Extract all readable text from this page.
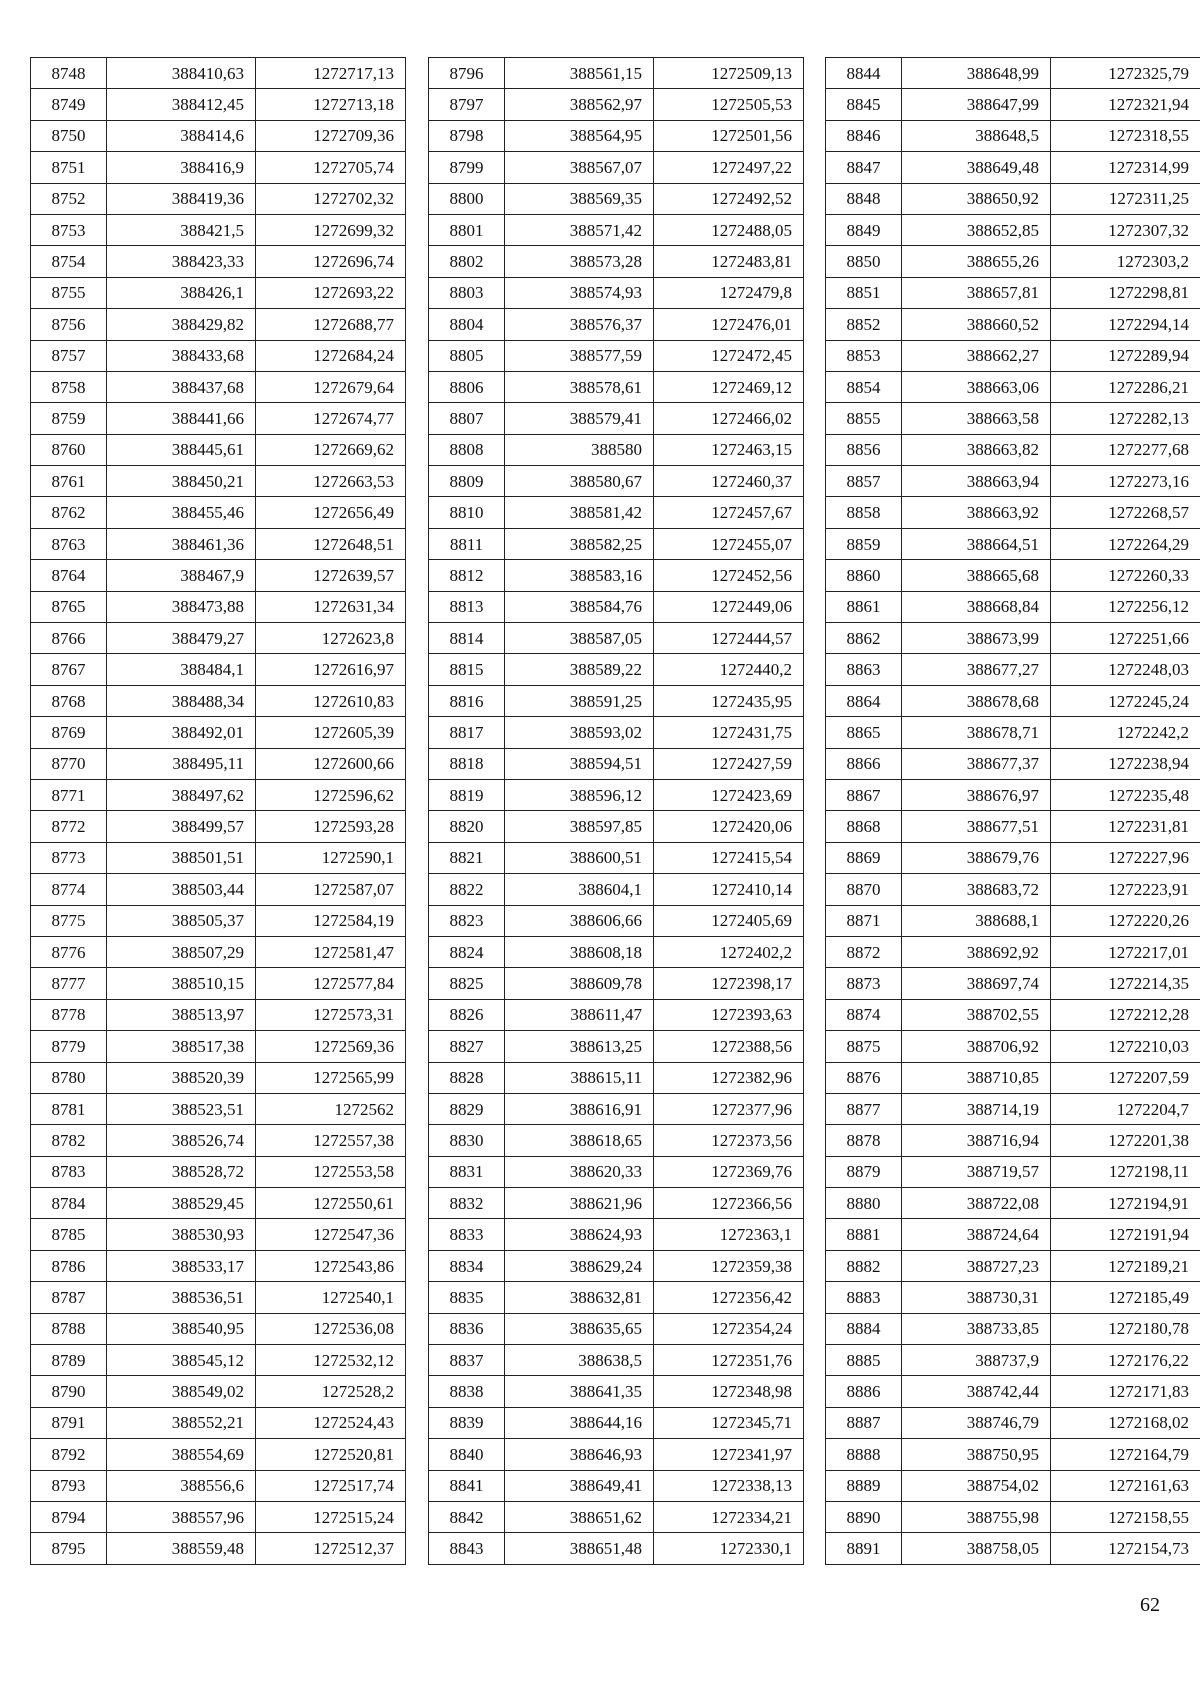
8748	388410,63	1272717,13
8749	388412,45	1272713,18
8750	388414,6	1272709,36
8751	388416,9	1272705,74
8752	388419,36	1272702,32
8753	388421,5	1272699,32
8754	388423,33	1272696,74
8755	388426,1	1272693,22
8756	388429,82	1272688,77
8757	388433,68	1272684,24
8758	388437,68	1272679,64
8759	388441,66	1272674,77
8760	388445,61	1272669,62
8761	388450,21	1272663,53
8762	388455,46	1272656,49
8763	388461,36	1272648,51
8764	388467,9	1272639,57
8765	388473,88	1272631,34
8766	388479,27	1272623,8
8767	388484,1	1272616,97
8768	388488,34	1272610,83
8769	388492,01	1272605,39
8770	388495,11	1272600,66
8771	388497,62	1272596,62
8772	388499,57	1272593,28
8773	388501,51	1272590,1
8774	388503,44	1272587,07
8775	388505,37	1272584,19
8776	388507,29	1272581,47
8777	388510,15	1272577,84
8778	388513,97	1272573,31
8779	388517,38	1272569,36
8780	388520,39	1272565,99
8781	388523,51	1272562
8782	388526,74	1272557,38
8783	388528,72	1272553,58
8784	388529,45	1272550,61
8785	388530,93	1272547,36
8786	388533,17	1272543,86
8787	388536,51	1272540,1
8788	388540,95	1272536,08
8789	388545,12	1272532,12
8790	388549,02	1272528,2
8791	388552,21	1272524,43
8792	388554,69	1272520,81
8793	388556,6	1272517,74
8794	388557,96	1272515,24
8795	388559,48	1272512,37
8796	388561,15	1272509,13
8797	388562,97	1272505,53
8798	388564,95	1272501,56
8799	388567,07	1272497,22
8800	388569,35	1272492,52
8801	388571,42	1272488,05
8802	388573,28	1272483,81
8803	388574,93	1272479,8
8804	388576,37	1272476,01
8805	388577,59	1272472,45
8806	388578,61	1272469,12
8807	388579,41	1272466,02
8808	388580	1272463,15
8809	388580,67	1272460,37
8810	388581,42	1272457,67
8811	388582,25	1272455,07
8812	388583,16	1272452,56
8813	388584,76	1272449,06
8814	388587,05	1272444,57
8815	388589,22	1272440,2
8816	388591,25	1272435,95
8817	388593,02	1272431,75
8818	388594,51	1272427,59
8819	388596,12	1272423,69
8820	388597,85	1272420,06
8821	388600,51	1272415,54
8822	388604,1	1272410,14
8823	388606,66	1272405,69
8824	388608,18	1272402,2
8825	388609,78	1272398,17
8826	388611,47	1272393,63
8827	388613,25	1272388,56
8828	388615,11	1272382,96
8829	388616,91	1272377,96
8830	388618,65	1272373,56
8831	388620,33	1272369,76
8832	388621,96	1272366,56
8833	388624,93	1272363,1
8834	388629,24	1272359,38
8835	388632,81	1272356,42
8836	388635,65	1272354,24
8837	388638,5	1272351,76
8838	388641,35	1272348,98
8839	388644,16	1272345,71
8840	388646,93	1272341,97
8841	388649,41	1272338,13
8842	388651,62	1272334,21
8843	388651,48	1272330,1
8844	388648,99	1272325,79
8845	388647,99	1272321,94
8846	388648,5	1272318,55
8847	388649,48	1272314,99
8848	388650,92	1272311,25
8849	388652,85	1272307,32
8850	388655,26	1272303,2
8851	388657,81	1272298,81
8852	388660,52	1272294,14
8853	388662,27	1272289,94
8854	388663,06	1272286,21
8855	388663,58	1272282,13
8856	388663,82	1272277,68
8857	388663,94	1272273,16
8858	388663,92	1272268,57
8859	388664,51	1272264,29
8860	388665,68	1272260,33
8861	388668,84	1272256,12
8862	388673,99	1272251,66
8863	388677,27	1272248,03
8864	388678,68	1272245,24
8865	388678,71	1272242,2
8866	388677,37	1272238,94
8867	388676,97	1272235,48
8868	388677,51	1272231,81
8869	388679,76	1272227,96
8870	388683,72	1272223,91
8871	388688,1	1272220,26
8872	388692,92	1272217,01
8873	388697,74	1272214,35
8874	388702,55	1272212,28
8875	388706,92	1272210,03
8876	388710,85	1272207,59
8877	388714,19	1272204,7
8878	388716,94	1272201,38
8879	388719,57	1272198,11
8880	388722,08	1272194,91
8881	388724,64	1272191,94
8882	388727,23	1272189,21
8883	388730,31	1272185,49
8884	388733,85	1272180,78
8885	388737,9	1272176,22
8886	388742,44	1272171,83
8887	388746,79	1272168,02
8888	388750,95	1272164,79
8889	388754,02	1272161,63
8890	388755,98	1272158,55
8891	388758,05	1272154,73
62
